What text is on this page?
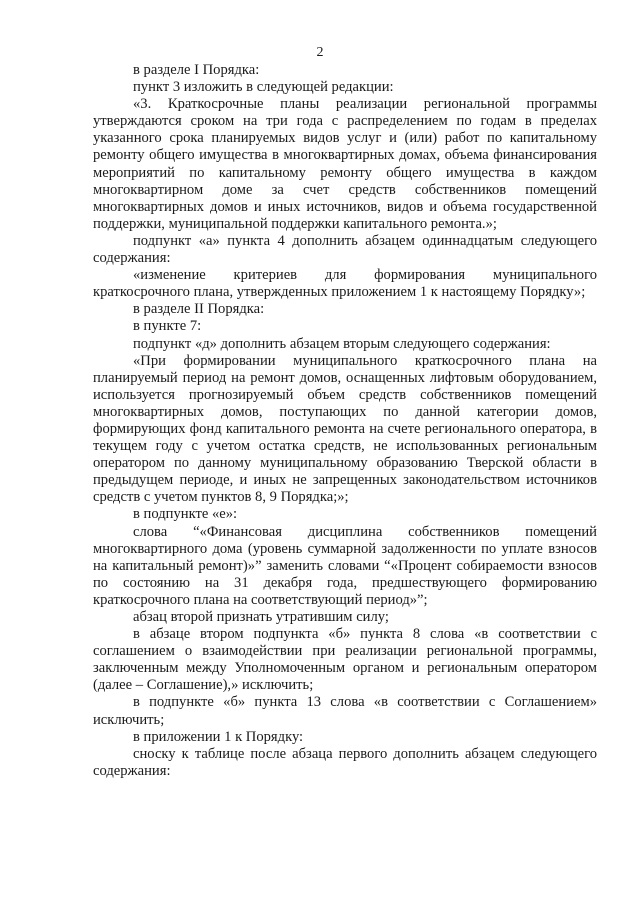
2

в разделе I Порядка:

пункт 3 изложить в следующей редакции:

«3. Краткосрочные планы реализации региональной программы утверждаются сроком на три года с распределением по годам в пределах указанного срока планируемых видов услуг и (или) работ по капитальному ремонту общего имущества в многоквартирных домах, объема финансирования мероприятий по капитальному ремонту общего имущества в каждом многоквартирном доме за счет средств собственников помещений многоквартирных домов и иных источников, видов и объема государственной поддержки, муниципальной поддержки капитального ремонта.»;

подпункт «а» пункта 4 дополнить абзацем одиннадцатым следующего содержания:

«изменение критериев для формирования муниципального краткосрочного плана, утвержденных приложением 1 к настоящему Порядку»;

в разделе II Порядка:

в пункте 7:

подпункт «д» дополнить абзацем вторым следующего содержания:

«При формировании муниципального краткосрочного плана на планируемый период на ремонт домов, оснащенных лифтовым оборудованием, используется прогнозируемый объем средств собственников помещений многоквартирных домов, поступающих по данной категории домов, формирующих фонд капитального ремонта на счете регионального оператора, в текущем году с учетом остатка средств, не использованных региональным оператором по данному муниципальному образованию Тверской области в предыдущем периоде, и иных не запрещенных законодательством источников средств с учетом пунктов 8, 9 Порядка;»;

в подпункте «е»:

слова “«Финансовая дисциплина собственников помещений многоквартирного дома (уровень суммарной задолженности по уплате взносов на капитальный ремонт)»” заменить словами “«Процент собираемости взносов по состоянию на 31 декабря года, предшествующего формированию краткосрочного плана на соответствующий период»”;

абзац второй признать утратившим силу;

в абзаце втором подпункта «б» пункта 8 слова «в соответствии с соглашением о взаимодействии при реализации региональной программы, заключенным между Уполномоченным органом и региональным оператором (далее – Соглашение),» исключить;

в подпункте «б» пункта 13 слова «в соответствии с Соглашением» исключить;

в приложении 1 к Порядку:

сноску к таблице после абзаца первого дополнить абзацем следующего содержания:
